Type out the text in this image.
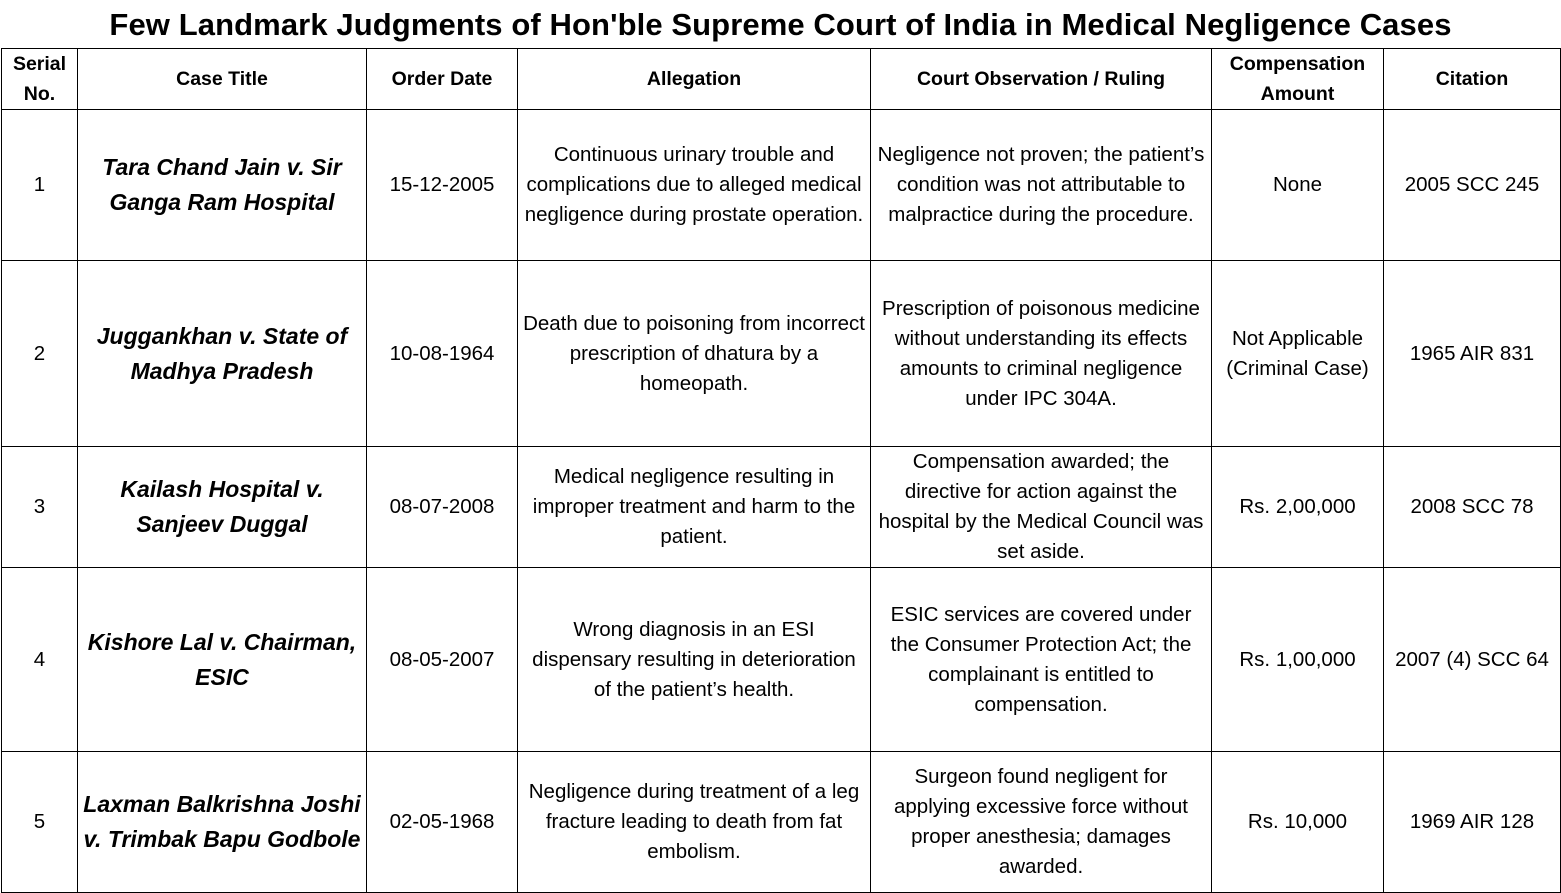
Few Landmark Judgments of Hon'ble Supreme Court of India in Medical Negligence Cases
Serial No.	Case Title	Order Date	Allegation	Court Observation / Ruling	Compensation Amount	Citation
1	Tara Chand Jain v. Sir Ganga Ram Hospital	15-12-2005	Continuous urinary trouble and complications due to alleged medical negligence during prostate operation.	Negligence not proven; the patient’s condition was not attributable to malpractice during the procedure.	None	2005 SCC 245
2	Juggankhan v. State of Madhya Pradesh	10-08-1964	Death due to poisoning from incorrect prescription of dhatura by a homeopath.	Prescription of poisonous medicine without understanding its effects amounts to criminal negligence under IPC 304A.	Not Applicable (Criminal Case)	1965 AIR 831
3	Kailash Hospital v. Sanjeev Duggal	08-07-2008	Medical negligence resulting in improper treatment and harm to the patient.	Compensation awarded; the directive for action against the hospital by the Medical Council was set aside.	Rs. 2,00,000	2008 SCC 78
4	Kishore Lal v. Chairman, ESIC	08-05-2007	Wrong diagnosis in an ESI dispensary resulting in deterioration of the patient’s health.	ESIC services are covered under the Consumer Protection Act; the complainant is entitled to compensation.	Rs. 1,00,000	2007 (4) SCC 64
5	Laxman Balkrishna Joshi v. Trimbak Bapu Godbole	02-05-1968	Negligence during treatment of a leg fracture leading to death from fat embolism.	Surgeon found negligent for applying excessive force without proper anesthesia; damages awarded.	Rs. 10,000	1969 AIR 128
